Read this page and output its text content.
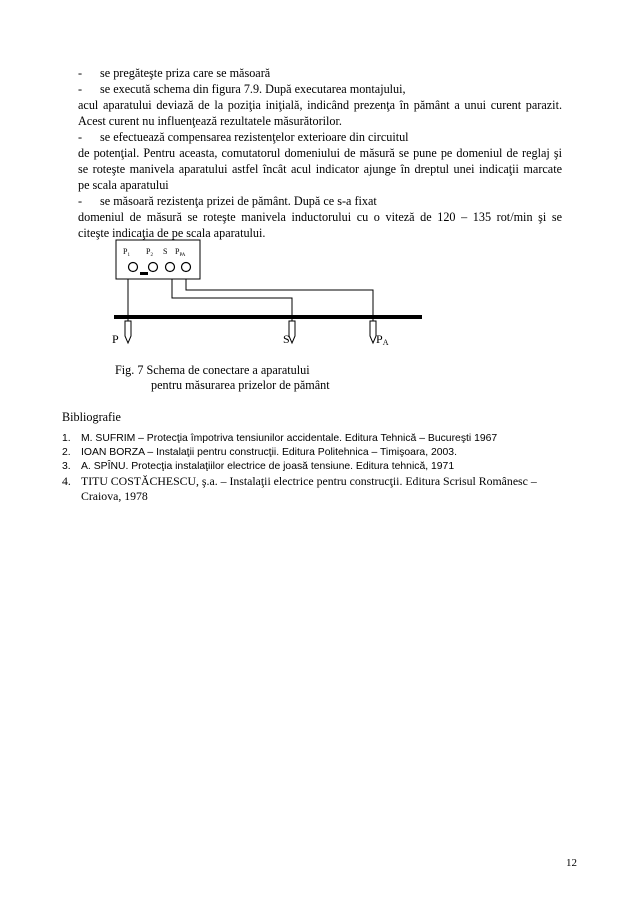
- se pregăteşte priza care se măsoară
- se execută schema din figura 7.9. După executarea montajului,
acul aparatului deviază de la poziţia iniţială, indicând prezenţa în pământ a unui curent parazit.
Acest curent nu influenţează rezultatele măsurătorilor.
- se efectuează compensarea rezistenţelor exterioare din circuitul
de potenţial. Pentru aceasta, comutatorul domeniului de măsură se pune pe domeniul de reglaj şi
se roteşte manivela aparatului astfel încât acul indicator ajunge în dreptul unei indicaţii marcate
pe scala aparatului
- se măsoară rezistenţa prizei de pământ. După ce s-a fixat
domeniul de măsură se roteşte manivela inductorului cu o viteză de 120 – 135 rot/min şi se
citeşte indicaţia de pe scala aparatului.
$P_1$ $P_2$ S $P_{PA}$
P	S	PA
Fig. 7 Schema de conectare a aparatului
pentru măsurarea prizelor de pământ
Bibliografie
1. M. SUFRIM – Protecţia împotriva tensiunilor accidentale. Editura Tehnică – Bucureşti 1967
2. IOAN BORZA – Instalaţii pentru construcţii. Editura Politehnica – Timişoara, 2003.
3. A. SPÎNU. Protecţia instalaţiilor electrice de joasă tensiune. Editura tehnică, 1971
4. TITU COSTĂCHESCU, ş.a. – Instalaţii electrice pentru construcţii. Editura Scrisul Românesc –
Craiova, 1978
12
